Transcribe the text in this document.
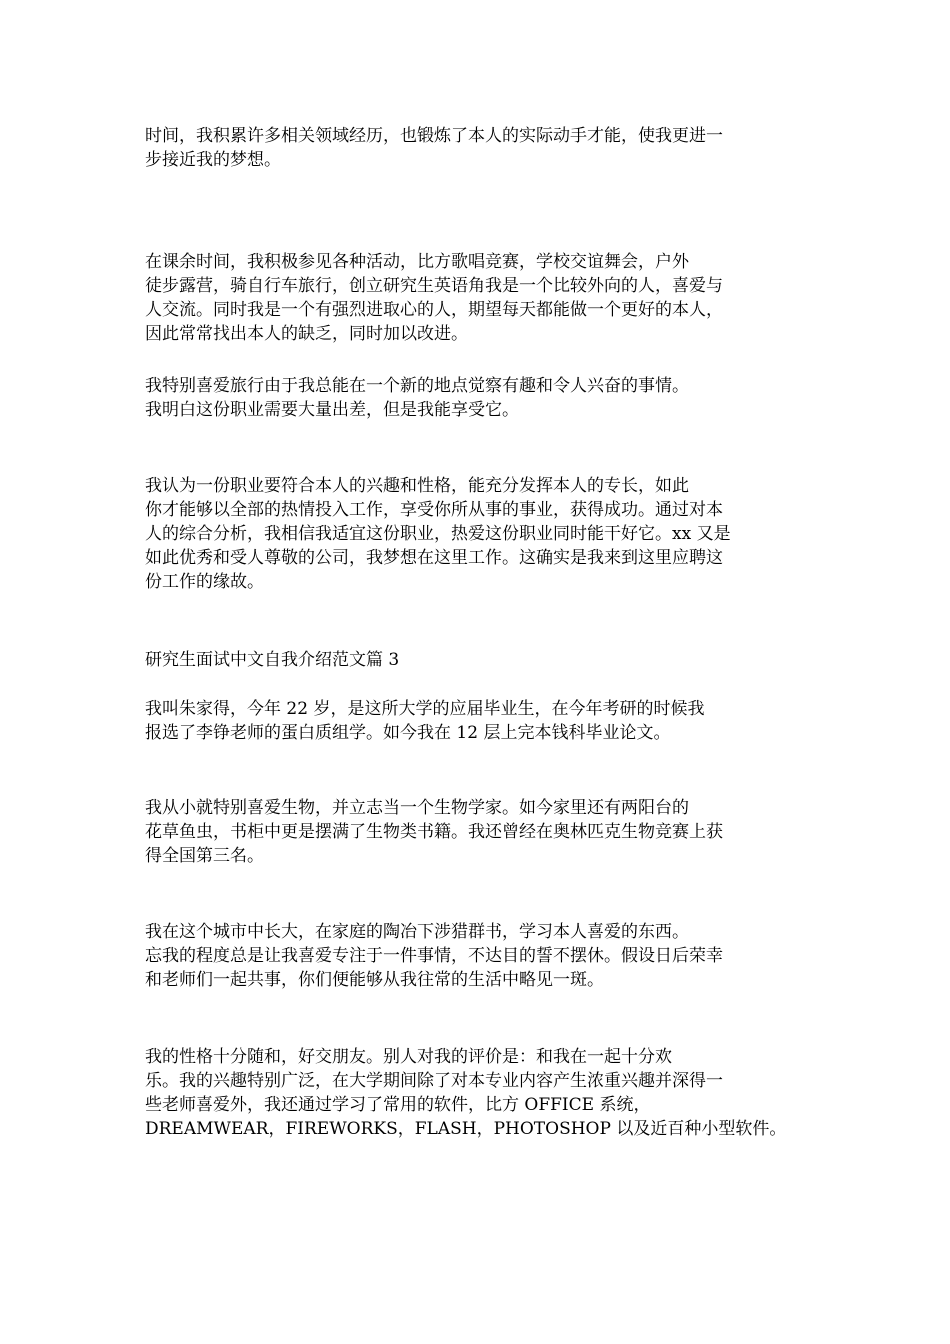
时间，我积累许多相关领域经历，也锻炼了本人的实际动手才能，使我更进一
步接近我的梦想。

在课余时间，我积极参见各种活动，比方歌唱竞赛，学校交谊舞会，户外
徒步露营，骑自行车旅行，创立研究生英语角我是一个比较外向的人，喜爱与
人交流。同时我是一个有强烈进取心的人，期望每天都能做一个更好的本人，
因此常常找出本人的缺乏，同时加以改进。

我特别喜爱旅行由于我总能在一个新的地点觉察有趣和令人兴奋的事情。
我明白这份职业需要大量出差，但是我能享受它。

我认为一份职业要符合本人的兴趣和性格，能充分发挥本人的专长，如此
你才能够以全部的热情投入工作，享受你所从事的事业，获得成功。通过对本
人的综合分析，我相信我适宜这份职业，热爱这份职业同时能干好它。xx 又是
如此优秀和受人尊敬的公司，我梦想在这里工作。这确实是我来到这里应聘这
份工作的缘故。

研究生面试中文自我介绍范文篇 3

我叫朱家得，今年 22 岁，是这所大学的应届毕业生，在今年考研的时候我
报选了李铮老师的蛋白质组学。如今我在 12 层上完本钱科毕业论文。

我从小就特别喜爱生物，并立志当一个生物学家。如今家里还有两阳台的
花草鱼虫，书柜中更是摆满了生物类书籍。我还曾经在奥林匹克生物竞赛上获
得全国第三名。

我在这个城市中长大，在家庭的陶冶下涉猎群书，学习本人喜爱的东西。
忘我的程度总是让我喜爱专注于一件事情，不达目的誓不摆休。假设日后荣幸
和老师们一起共事，你们便能够从我往常的生活中略见一斑。

我的性格十分随和，好交朋友。别人对我的评价是：和我在一起十分欢
乐。我的兴趣特别广泛，在大学期间除了对本专业内容产生浓重兴趣并深得一
些老师喜爱外，我还通过学习了常用的软件，比方 OFFICE 系统，
DREAMWEAR，FIREWORKS，FLASH，PHOTOSHOP 以及近百种小型软件。
